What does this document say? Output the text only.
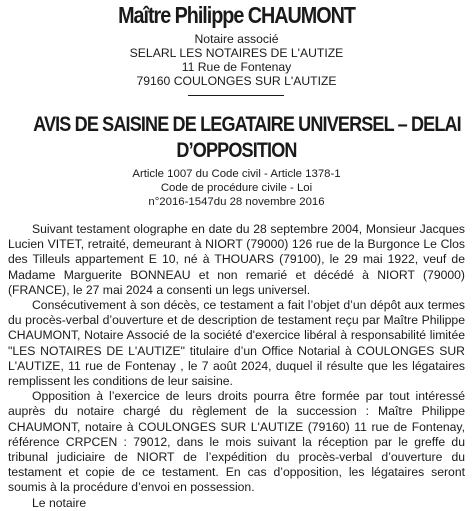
Maître Philippe CHAUMONT
Notaire associé
SELARL LES NOTAIRES DE L'AUTIZE
11 Rue de Fontenay
79160 COULONGES SUR L'AUTIZE
AVIS DE SAISINE DE LEGATAIRE UNIVERSEL – DELAI
D’OPPOSITION
Article 1007 du Code civil - Article 1378-1
Code de procédure civile - Loi
n°2016-1547du 28 novembre 2016

Suivant testament olographe en date du 28 septembre 2004, Monsieur Jacques Lucien VITET, retraité, demeurant à NIORT (79000) 126 rue de la Burgonce Le Clos des Tilleuls appartement E 10, né à THOUARS (79100), le 29 mai 1922, veuf de Madame Marguerite BONNEAU et non remarié et décédé à NIORT (79000) (FRANCE), le 27 mai 2024 a consenti un legs universel.

Consécutivement à son décès, ce testament a fait l’objet d’un dépôt aux termes du procès-verbal d’ouverture et de description de testament reçu par Maître Philippe CHAUMONT, Notaire Associé de la société d'exercice libéral à responsabilité limitée "LES NOTAIRES DE L'AUTIZE" titulaire d’un Office Notarial à COULONGES SUR L'AUTIZE, 11 rue de Fontenay , le 7 août 2024, duquel il résulte que les légataires remplissent les conditions de leur saisine.

Opposition à l’exercice de leurs droits pourra être formée par tout intéressé auprès du notaire chargé du règlement de la succession : Maître Philippe CHAUMONT, notaire à COULONGES SUR L'AUTIZE (79160) 11 rue de Fontenay, référence CRPCEN : 79012, dans le mois suivant la réception par le greffe du tribunal judiciaire de NIORT de l’expédition du procès-verbal d’ouverture du testament et copie de ce testament. En cas d’opposition, les légataires seront soumis à la procédure d’envoi en possession.

Le notaire
